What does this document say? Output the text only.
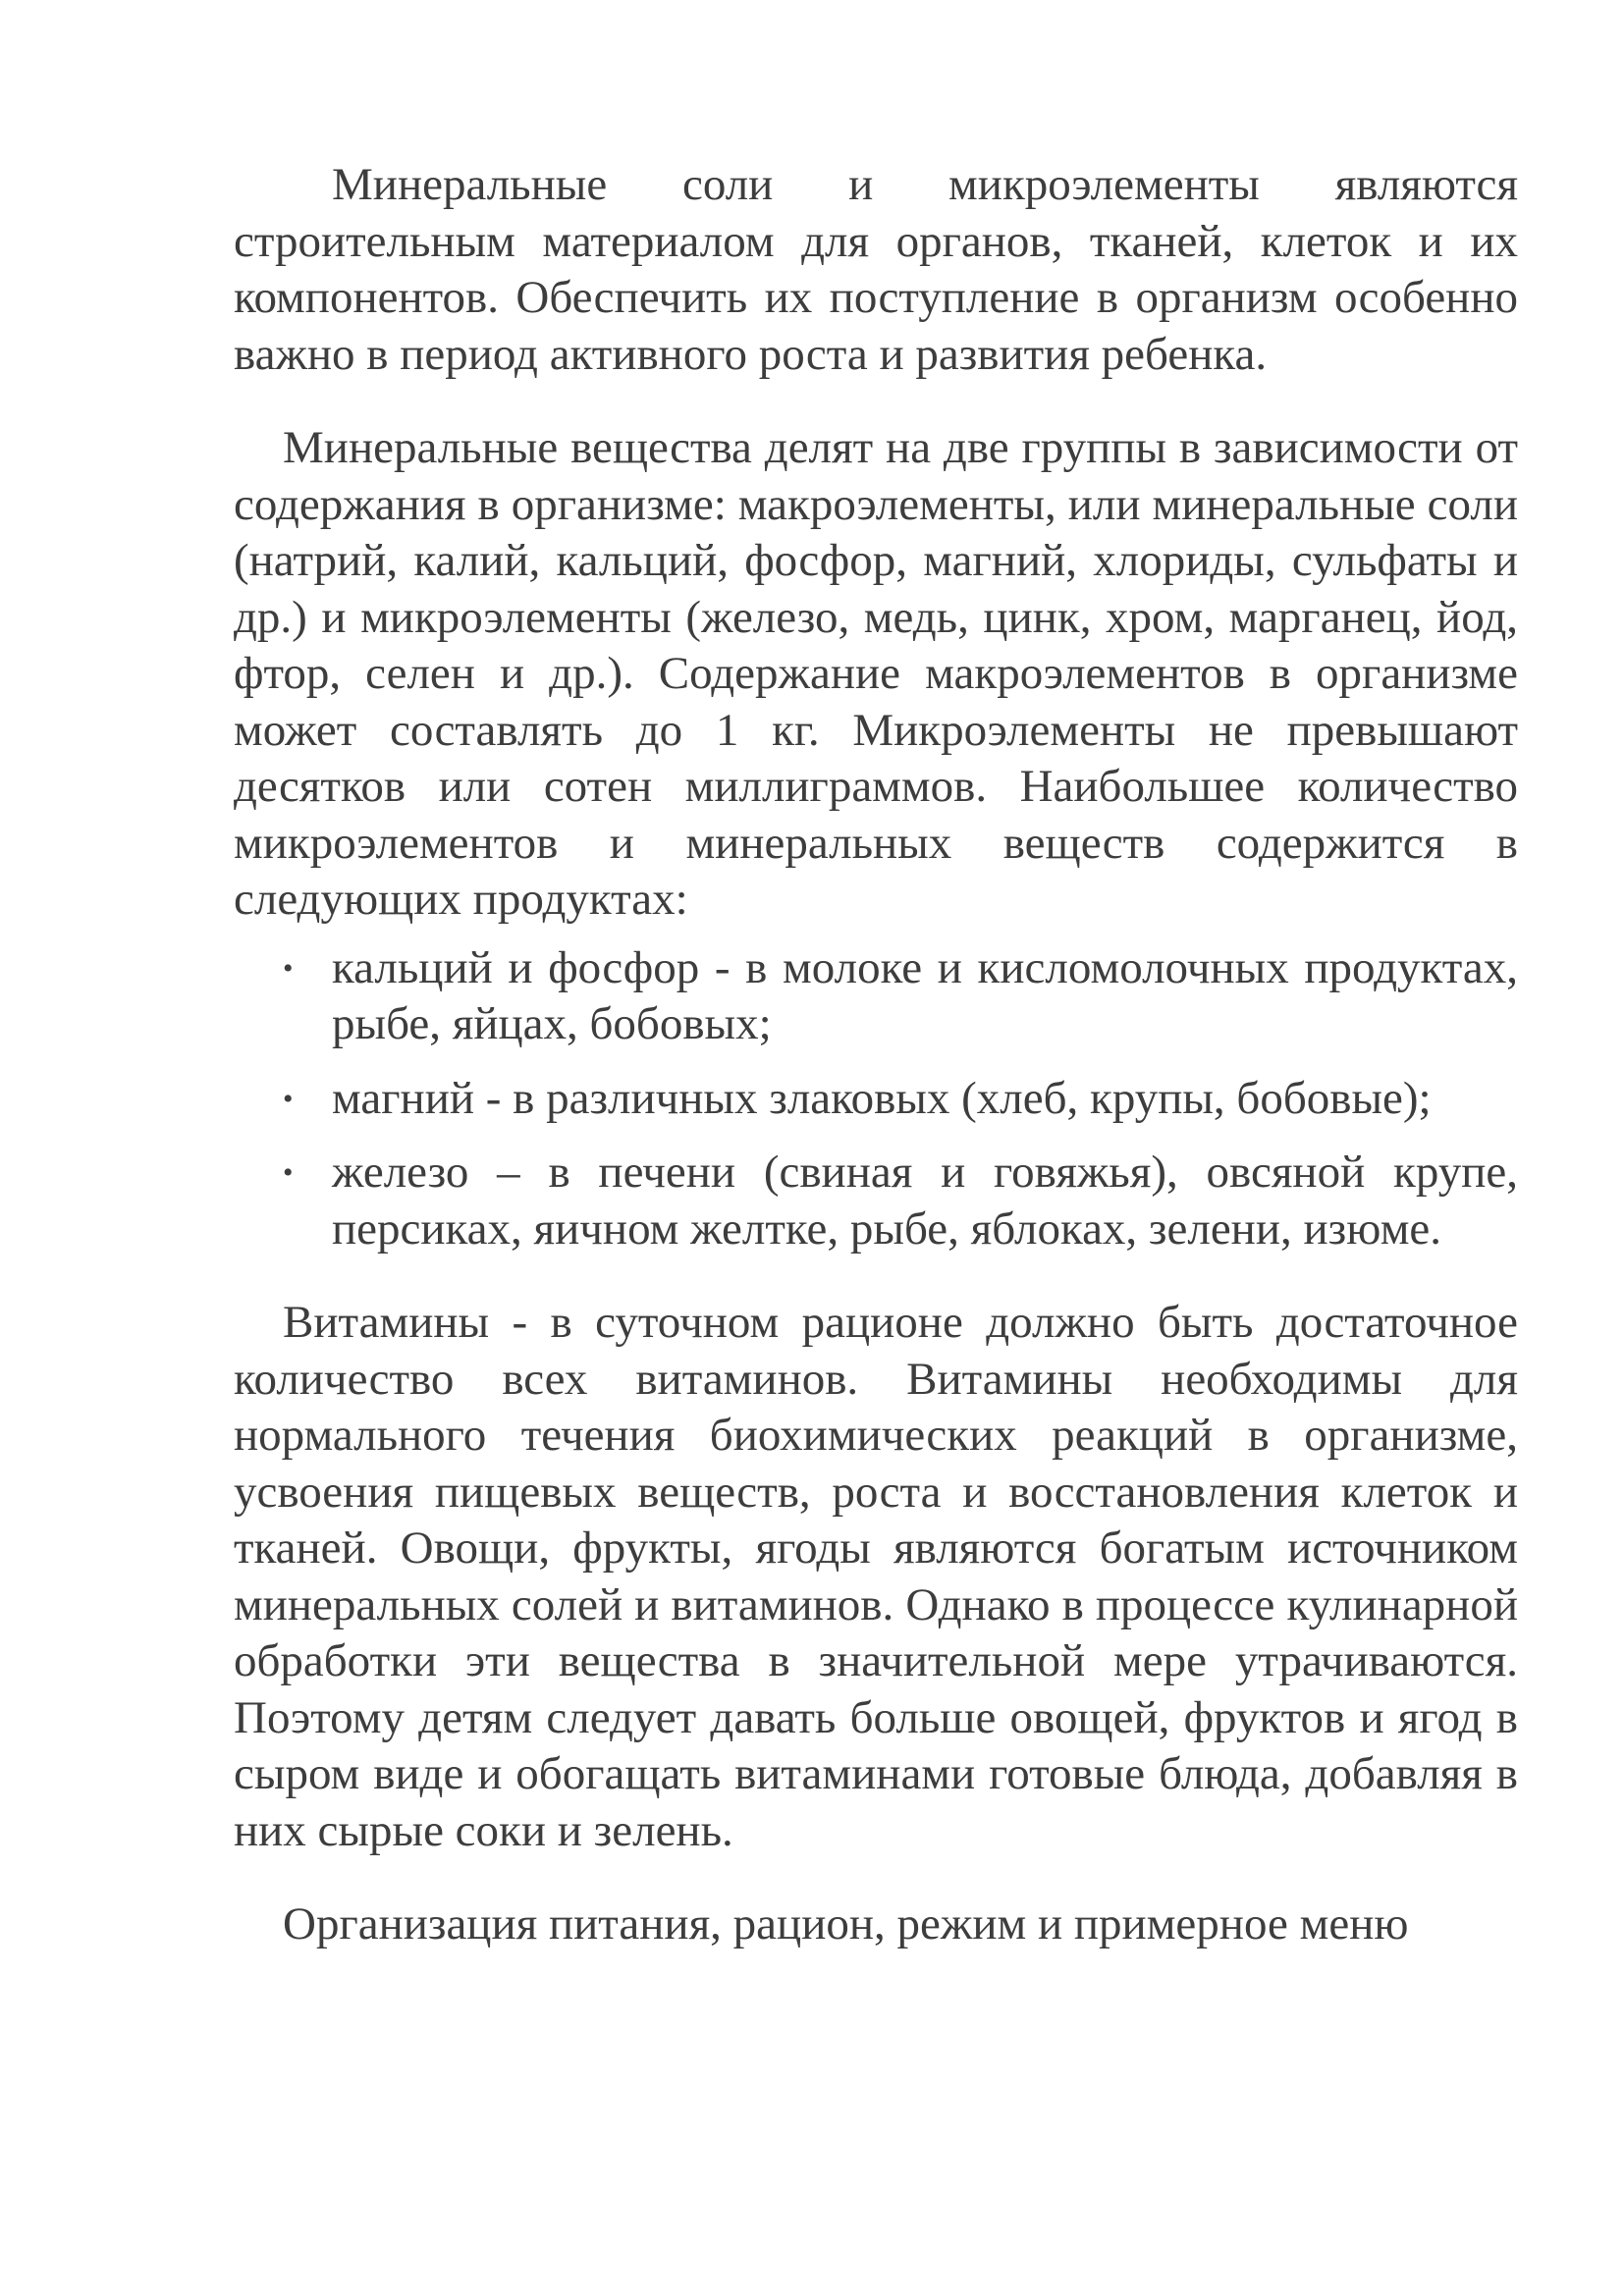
Минеральные соли и микроэлементы являются строительным материалом для органов, тканей, клеток и их компонентов. Обеспечить их поступление в организм особенно важно в период активного роста и развития ребенка.

Минеральные вещества делят на две группы в зависимости от содержания в организме: макроэлементы, или минеральные соли (натрий, калий, кальций, фосфор, магний, хлориды, сульфаты и др.) и микроэлементы (железо, медь, цинк, хром, марганец, йод, фтор, селен и др.). Содержание макроэлементов в организме может составлять до 1 кг. Микроэлементы не превышают десятков или сотен миллиграммов. Наибольшее количество микроэлементов и минеральных веществ содержится в следующих продуктах:

• кальций и фосфор - в молоке и кисломолочных продуктах, рыбе, яйцах, бобовых;
• магний - в различных злаковых (хлеб, крупы, бобовые);
• железо – в печени (свиная и говяжья), овсяной крупе, персиках, яичном желтке, рыбе, яблоках, зелени, изюме.

Витамины - в суточном рационе должно быть достаточное количество всех витаминов. Витамины необходимы для нормального течения биохимических реакций в организме, усвоения пищевых веществ, роста и восстановления клеток и тканей. Овощи, фрукты, ягоды являются богатым источником минеральных солей и витаминов. Однако в процессе кулинарной обработки эти вещества в значительной мере утрачиваются. Поэтому детям следует давать больше овощей, фруктов и ягод в сыром виде и обогащать витаминами готовые блюда, добавляя в них сырые соки и зелень.

Организация питания, рацион, режим и примерное меню
